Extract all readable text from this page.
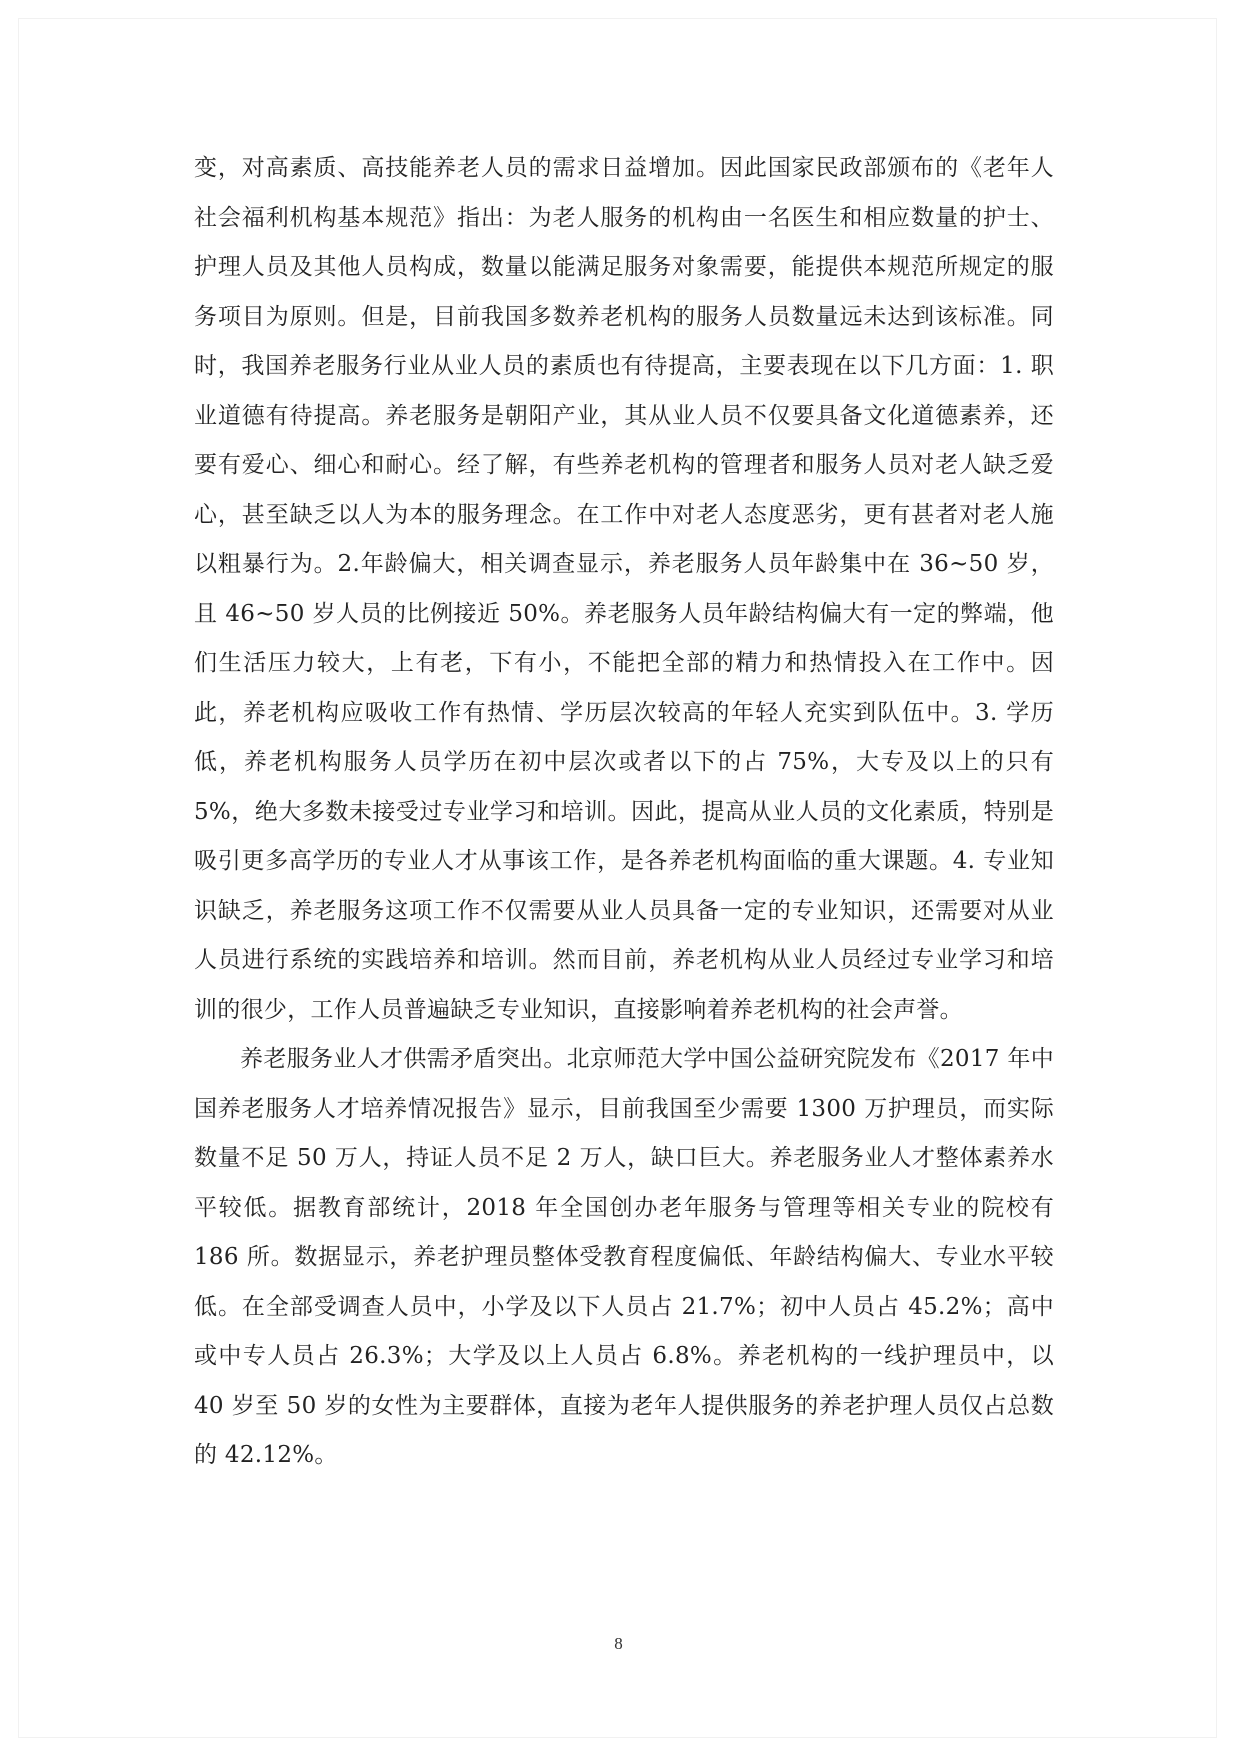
变，对高素质、高技能养老人员的需求日益增加。因此国家民政部颁布的《老年人社会福利机构基本规范》指出：为老人服务的机构由一名医生和相应数量的护士、护理人员及其他人员构成，数量以能满足服务对象需要，能提供本规范所规定的服务项目为原则。但是，目前我国多数养老机构的服务人员数量远未达到该标准。同时，我国养老服务行业从业人员的素质也有待提高，主要表现在以下几方面：1. 职业道德有待提高。养老服务是朝阳产业，其从业人员不仅要具备文化道德素养，还要有爱心、细心和耐心。经了解，有些养老机构的管理者和服务人员对老人缺乏爱心，甚至缺乏以人为本的服务理念。在工作中对老人态度恶劣，更有甚者对老人施以粗暴行为。2.年龄偏大，相关调查显示，养老服务人员年龄集中在 36~50 岁，且 46~50 岁人员的比例接近 50%。养老服务人员年龄结构偏大有一定的弊端，他们生活压力较大，上有老，下有小，不能把全部的精力和热情投入在工作中。因此，养老机构应吸收工作有热情、学历层次较高的年轻人充实到队伍中。3. 学历低，养老机构服务人员学历在初中层次或者以下的占 75%，大专及以上的只有 5%，绝大多数未接受过专业学习和培训。因此，提高从业人员的文化素质，特别是吸引更多高学历的专业人才从事该工作，是各养老机构面临的重大课题。4. 专业知识缺乏，养老服务这项工作不仅需要从业人员具备一定的专业知识，还需要对从业人员进行系统的实践培养和培训。然而目前，养老机构从业人员经过专业学习和培训的很少，工作人员普遍缺乏专业知识，直接影响着养老机构的社会声誉。

养老服务业人才供需矛盾突出。北京师范大学中国公益研究院发布《2017 年中国养老服务人才培养情况报告》显示，目前我国至少需要 1300 万护理员，而实际数量不足 50 万人，持证人员不足 2 万人，缺口巨大。养老服务业人才整体素养水平较低。据教育部统计，2018 年全国创办老年服务与管理等相关专业的院校有 186 所。数据显示，养老护理员整体受教育程度偏低、年龄结构偏大、专业水平较低。在全部受调查人员中，小学及以下人员占 21.7%；初中人员占 45.2%；高中或中专人员占 26.3%；大学及以上人员占 6.8%。养老机构的一线护理员中，以 40 岁至 50 岁的女性为主要群体，直接为老年人提供服务的养老护理人员仅占总数的 42.12%。

8
